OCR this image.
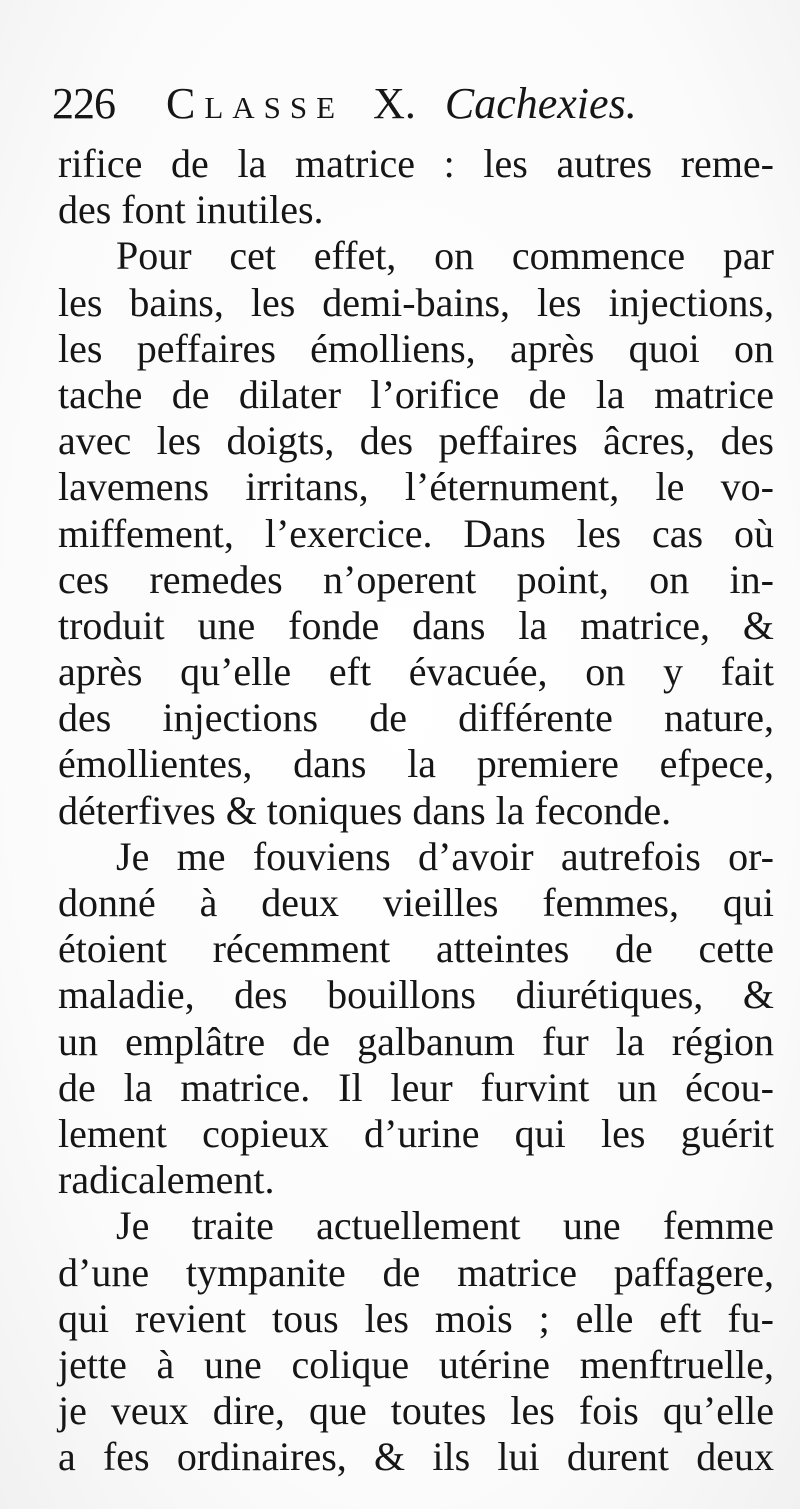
226 Classe X. Cachexies.
rifice de la matrice : les autres reme-
des font inutiles.
Pour cet effet, on commence par
les bains, les demi-bains, les injections,
les peffaires émolliens, après quoi on
tache de dilater l’orifice de la matrice
avec les doigts, des peffaires âcres, des
lavemens irritans, l’éternument, le vo-
miffement, l’exercice. Dans les cas où
ces remedes n’operent point, on in-
troduit une fonde dans la matrice, &
après qu’elle eft évacuée, on y fait
des injections de différente nature,
émollientes, dans la premiere efpece,
déterfives & toniques dans la feconde.
Je me fouviens d’avoir autrefois or-
donné à deux vieilles femmes, qui
étoient récemment atteintes de cette
maladie, des bouillons diurétiques, &
un emplâtre de galbanum fur la région
de la matrice. Il leur furvint un écou-
lement copieux d’urine qui les guérit
radicalement.
Je traite actuellement une femme
d’une tympanite de matrice paffagere,
qui revient tous les mois ; elle eft fu-
jette à une colique utérine menftruelle,
je veux dire, que toutes les fois qu’elle
a fes ordinaires, & ils lui durent deux
